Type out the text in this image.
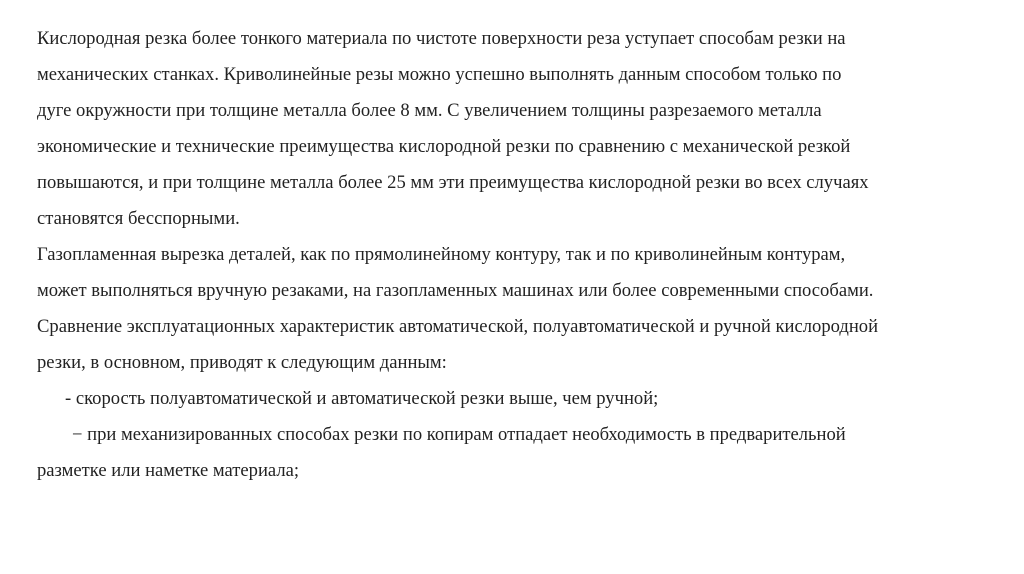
Кислородная резка более тонкого материала по чистоте поверхности реза уступает способам резки на
механических станках. Криволинейные резы можно успешно выполнять данным способом только по
дуге окружности при толщине металла более 8 мм. С увеличением толщины разрезаемого металла
экономические и технические преимущества кислородной резки по сравнению с механической резкой
повышаются, и при толщине металла более 25 мм эти преимущества кислородной резки во всех случаях
становятся бесспорными.
Газопламенная вырезка деталей, как по прямолинейному контуру, так и по криволинейным контурам,
может выполняться вручную резаками, на газопламенных машинах или более современными способами.
Сравнение эксплуатационных характеристик автоматической, полуавтоматической и ручной кислородной
резки, в основном, приводят к следующим данным:
- скорость полуавтоматической и автоматической резки выше, чем ручной;
− при механизированных способах резки по копирам отпадает необходимость в предварительной
разметке или наметке материала;
